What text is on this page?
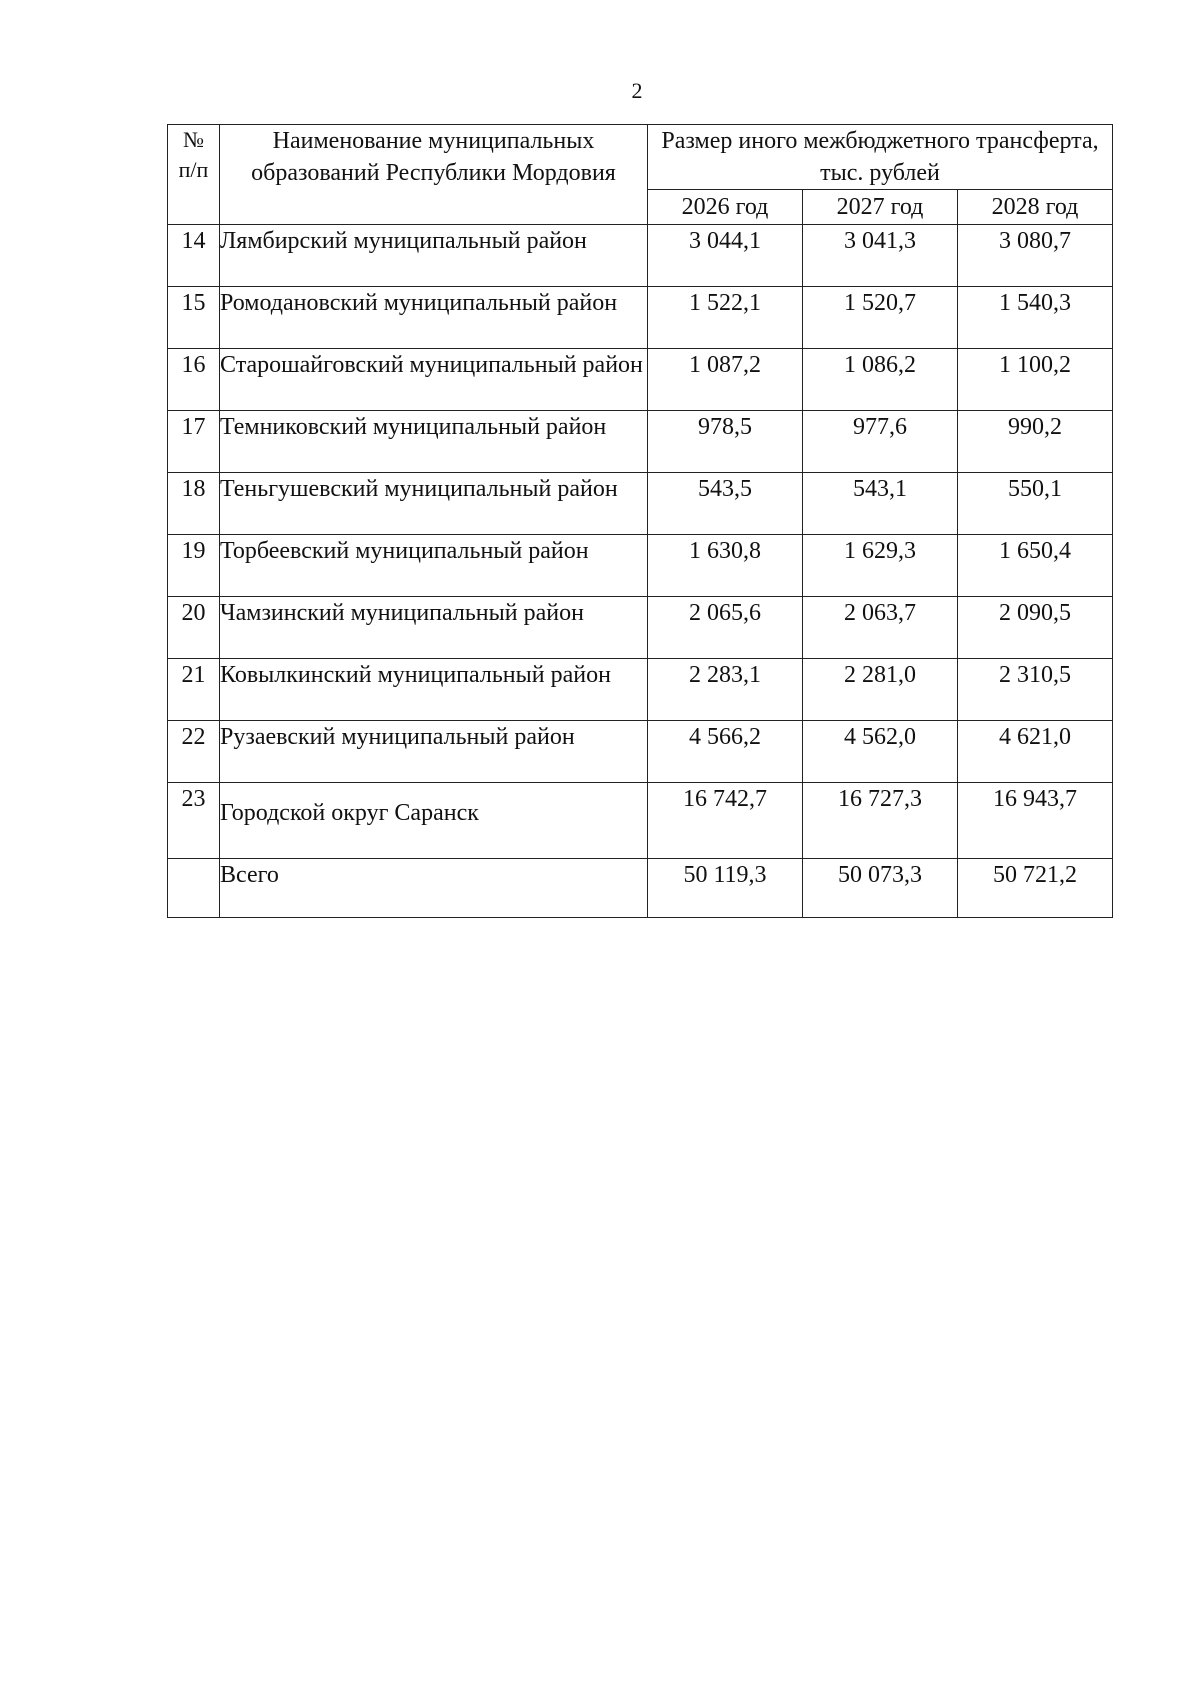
2
№
п/п	Наименование муниципальных образований Республики Мордовия	Размер иного межбюджетного трансферта, тыс. рублей		
		2026 год	2027 год	2028 год
14	Лямбирский муниципальный район	3 044,1	3 041,3	3 080,7
15	Ромодановский муниципальный район	1 522,1	1 520,7	1 540,3
16	Старошайговский муниципальный район	1 087,2	1 086,2	1 100,2
17	Темниковский муниципальный район	978,5	977,6	990,2
18	Теньгушевский муниципальный район	543,5	543,1	550,1
19	Торбеевский муниципальный район	1 630,8	1 629,3	1 650,4
20	Чамзинский муниципальный район	2 065,6	2 063,7	2 090,5
21	Ковылкинский муниципальный район	2 283,1	2 281,0	2 310,5
22	Рузаевский муниципальный район	4 566,2	4 562,0	4 621,0
23	Городской округ Саранск	16 742,7	16 727,3	16 943,7
	Всего	50 119,3	50 073,3	50 721,2
